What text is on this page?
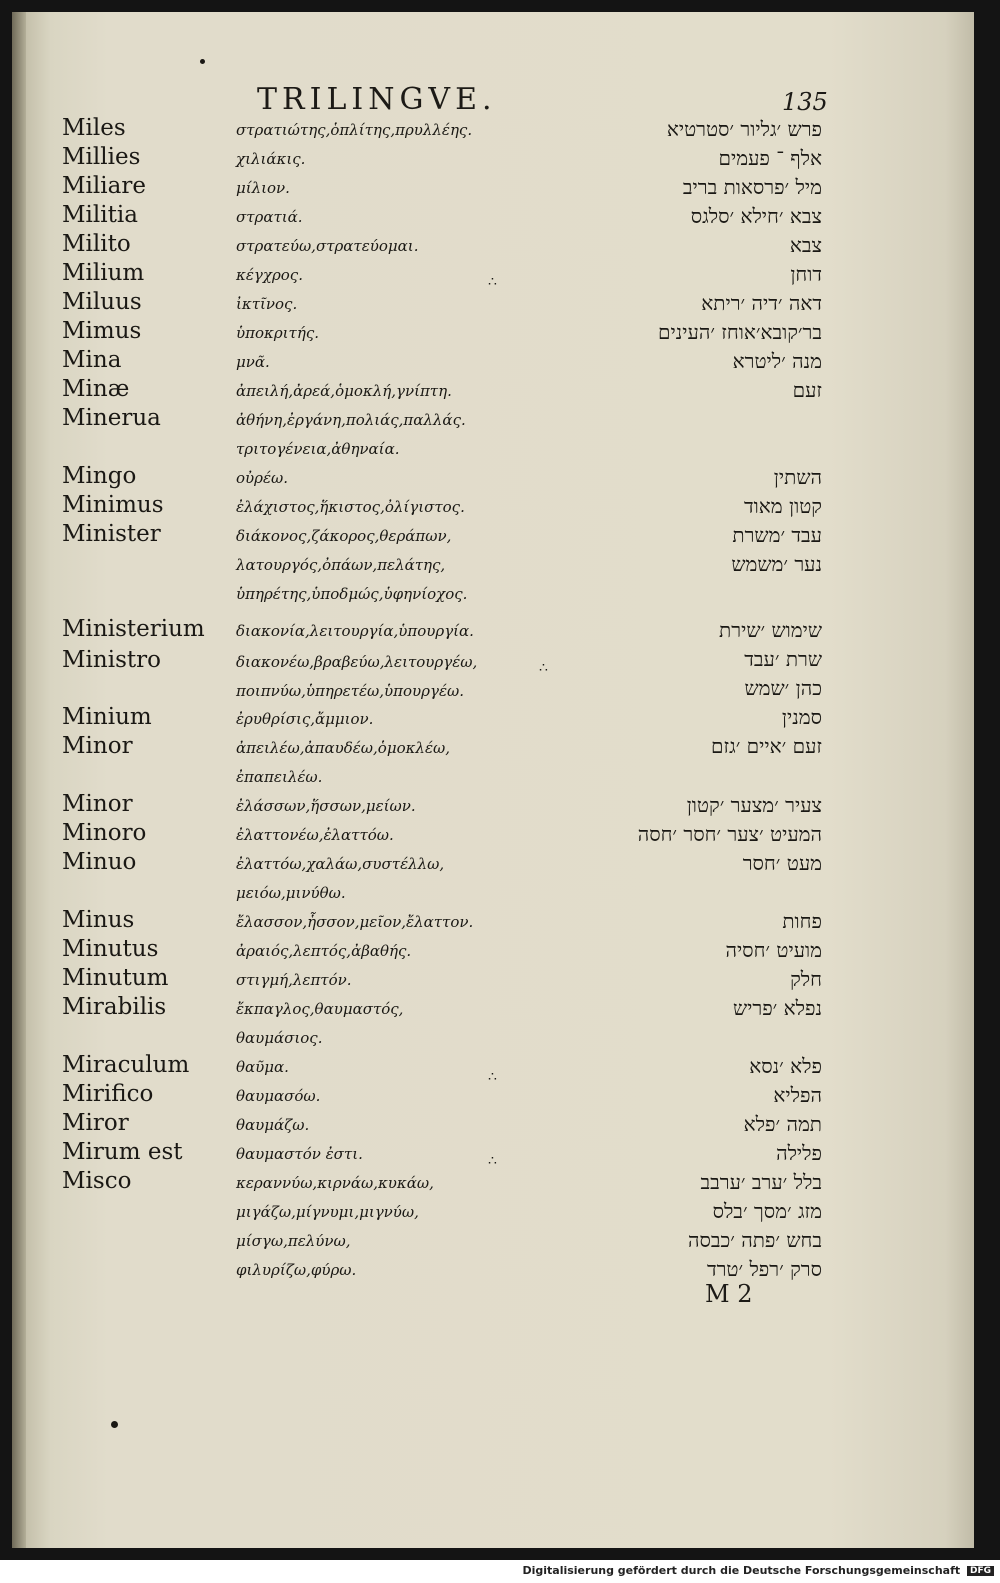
TRILINGVE.	135
Miles
Millies
Miliare
Militia
Milito
Milium
Miluus
Mimus
Mina
Minæ
Minerua
Mingo
Minimus
Minister
Ministerium
Ministro
Minium
Minor
Minor
Minoro
Minuo
Minus
Minutus
Minutum
Mirabilis
Miraculum
Mirifico
Miror
Mirum est
Misco
στρατιώτης,ὁπλίτης,πρυλλέης.
χιλιάκις.
μίλιον.
στρατιά.
στρατεύω,στρατεύομαι.
κέγχρος.
ἰκτῖνος.
ὑποκριτής.
μνᾶ.
ἀπειλή,ἀρεά,ὁμοκλή,γνίπτη.
ἀθήνη,ἐργάνη,πολιάς,παλλάς.
τριτογένεια,ἀθηναία.
οὐρέω.
ἐλάχιστος,ἥκιστος,ὀλίγιστος.
διάκονος,ζάκορος,θεράπων,
λατουργός,ὀπάων,πελάτης,
ὑπηρέτης,ὑποδμώς,ὑφηνίοχος.
διακονία,λειτουργία,ὑπουργία.
διακονέω,βραβεύω,λειτουργέω,
ποιπνύω,ὑπηρετέω,ὑπουργέω.
ἐρυθρίσις,ἄμμιον.
ἀπειλέω,ἀπαυδέω,ὁμοκλέω,
ἐπαπειλέω.
ἐλάσσων,ἥσσων,μείων.
ἐλαττονέω,ἐλαττόω.
ἐλαττόω,χαλάω,συστέλλω,
μειόω,μινύθω.
ἔλασσον,ἧσσον,μεῖον,ἔλαττον.
ἀραιός,λεπτός,ἀβαθής.
στιγμή,λεπτόν.
ἔκπαγλος,θαυμαστός,
θαυμάσιος.
θαῦμα.
θαυμασόω.
θαυμάζω.
θαυμαστόν ἐστι.
κεραννύω,κιρνάω,κυκάω,
μιγάζω,μίγνυμι,μιγνύω,
μίσγω,πελύνω,
φιλυρίζω,φύρω.
פרש ׳גליור ׳סטרטיא
אלף ־ פעמים
מיל ׳פרסאות בריב
צבא ׳חילא ׳סלגס
צבא
דוחן
דאה ׳דיה ׳ריתא
בר׳קובא׳אוחז ׳העינים
מנה ׳ליטרא
זעם
השתין
קטון מאוד
עבד ׳משרת
נער ׳משמש
שימוש ׳שירת
שרת ׳עבד
כהן ׳שמש
סמנין
זעם ׳איים ׳גזם
צעיר ׳מצער ׳קטון
המעיט ׳צער ׳חסר ׳חסה
מעט ׳חסר
פחות
מועיט ׳חסיה
חלק
נפלא ׳פריש
פלא ׳נסא
הפליא
תמה ׳פלא
פלילה
בלל ׳ערב ׳ערבב
מזג ׳מסך ׳בלס
בחש ׳פתה ׳כבסה
סרק ׳רפל ׳טרד
∴
∴
∴
∴
M 2
Digitalisierung gefördert durch die Deutsche Forschungsgemeinschaft DFG
